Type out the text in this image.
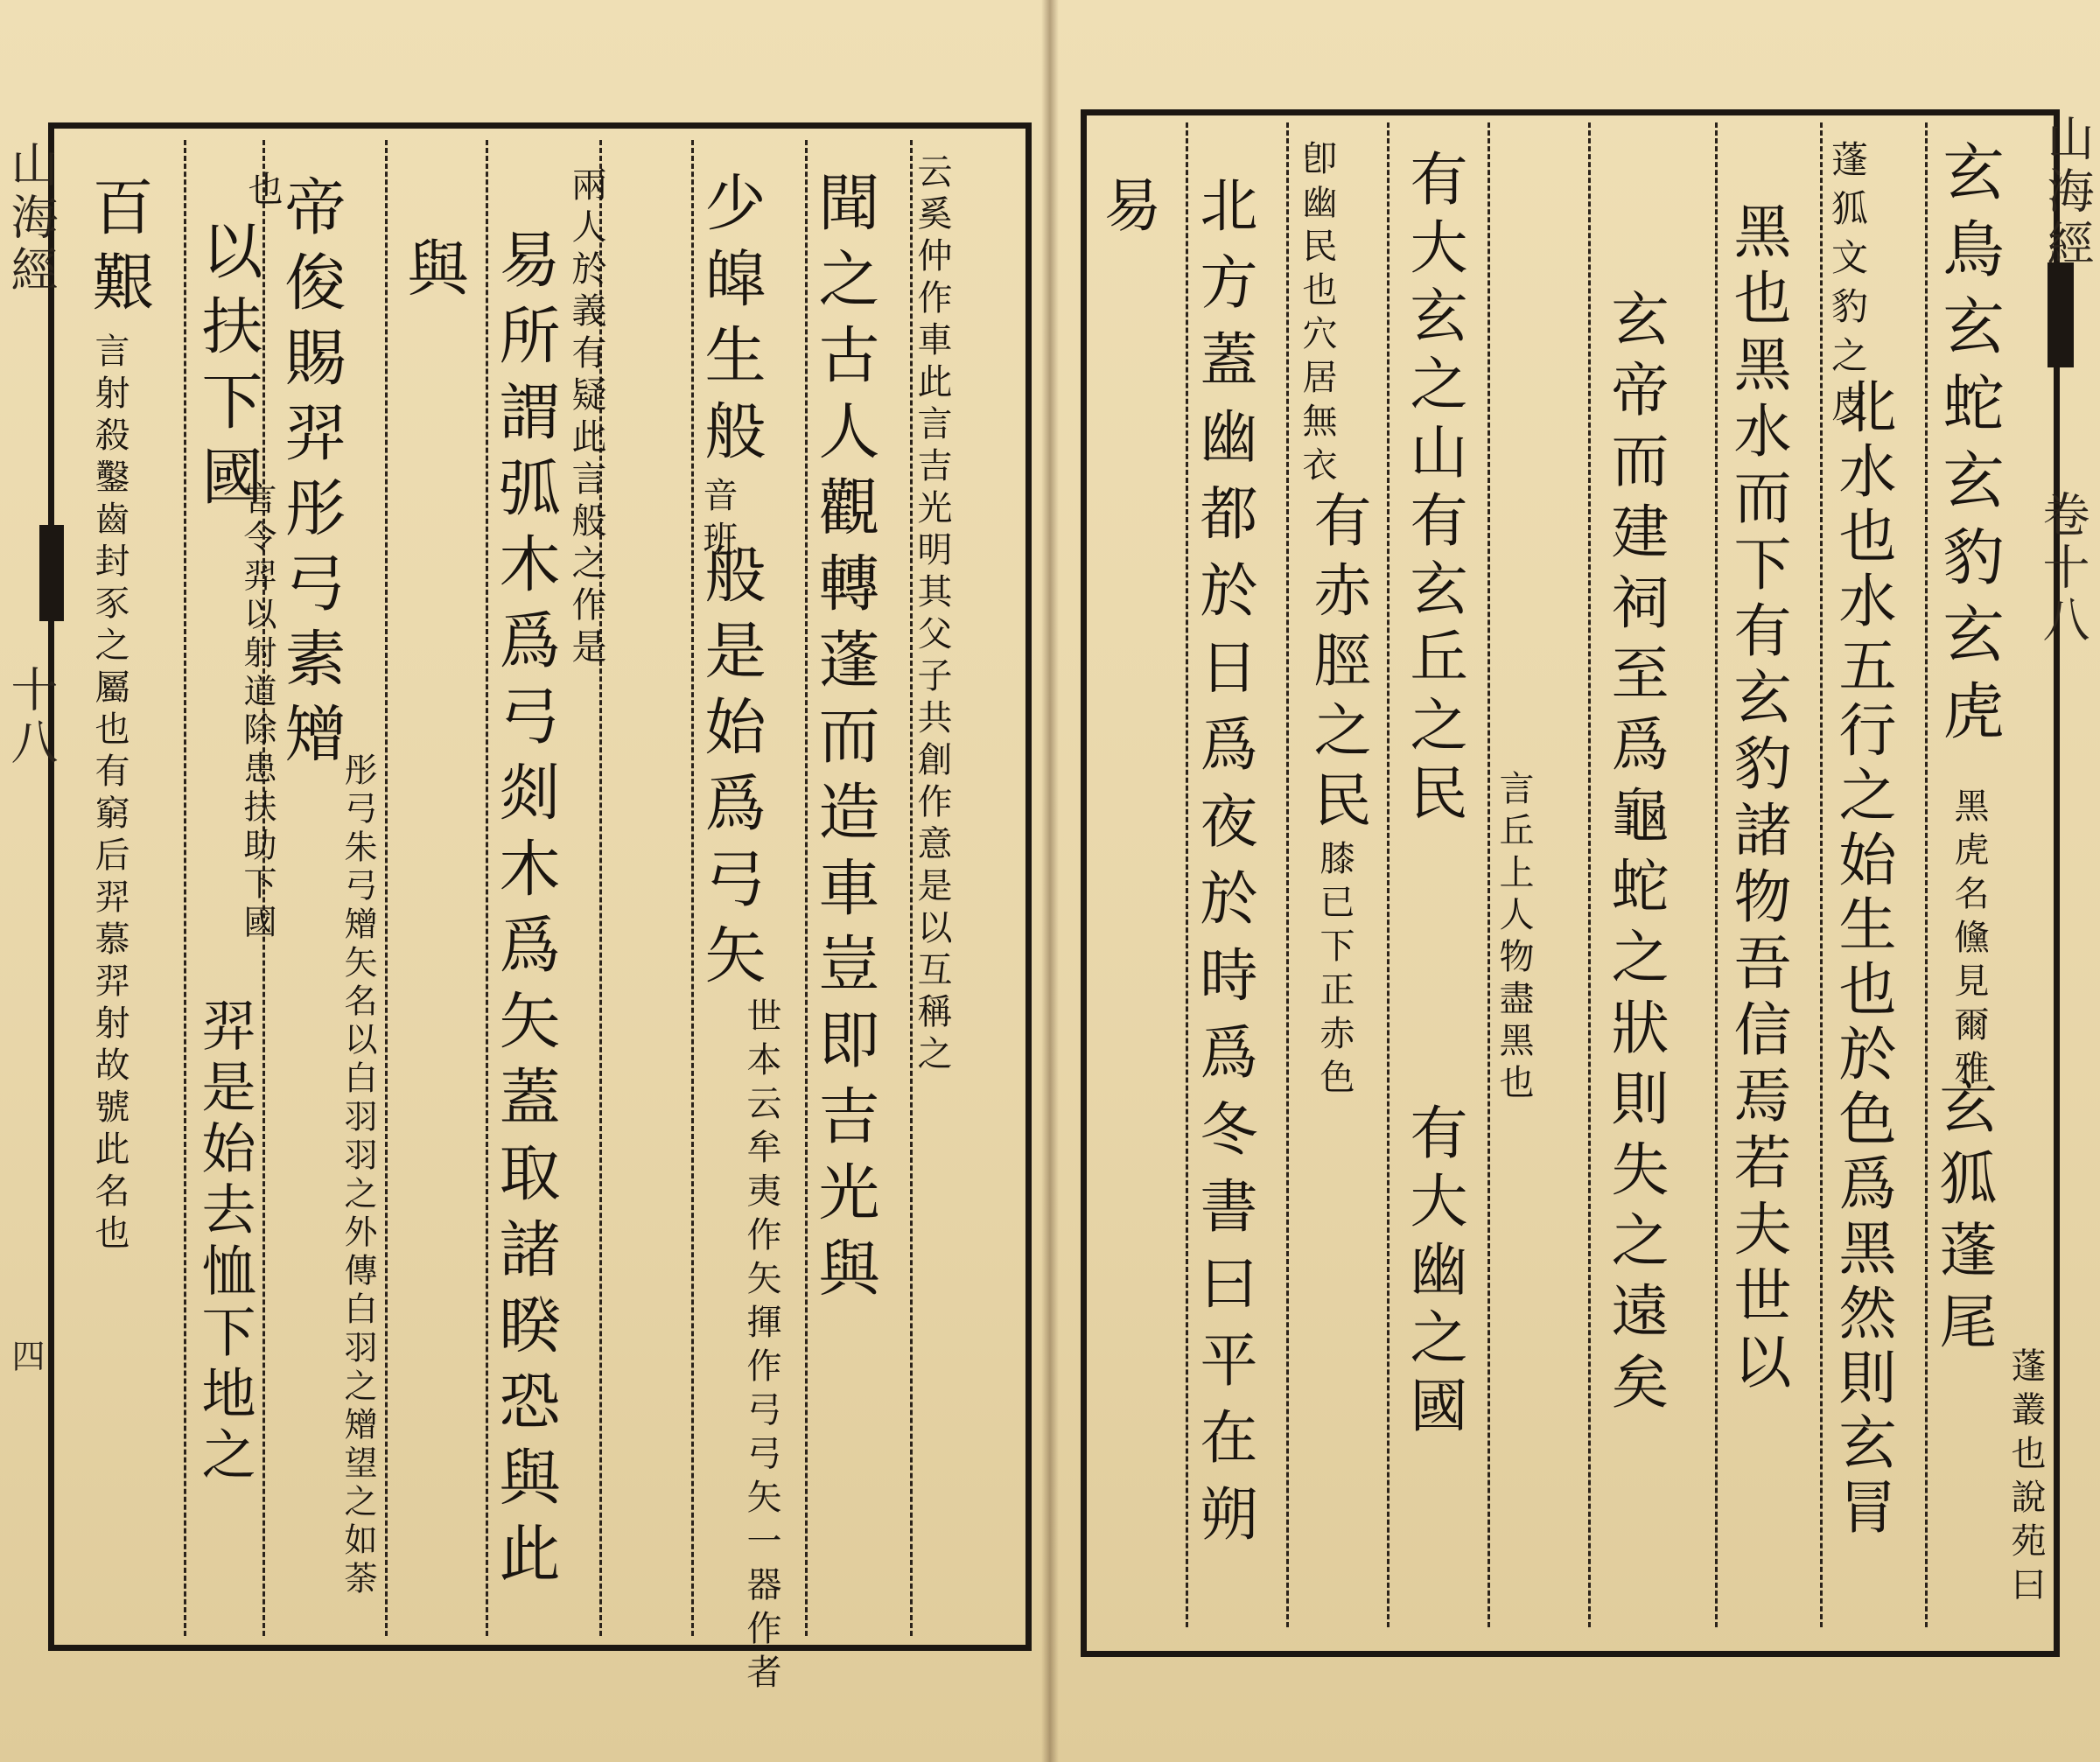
山海經
十八
四
云奚仲作車此言吉光明其父子共創作意是以互稱之
聞之古人觀轉蓬而造車豈即吉光與
少皡生般
音班
世本云牟夷作矢揮作弓弓矢一器作者
易所謂弧木爲弓剡木爲矢蓋取諸睽恐與此 兩人於義有疑此言般之作是
與
帝俊賜羿彤弓素矰
以扶下國
也
百艱
言射殺鑿齒封豕之屬也有窮后羿慕羿射故號此名也
山海經
卷十八
玄鳥玄蛇玄豹玄虎
黑虎名儵見爾雅
蓬狐文豹之皮
北水也水五行之始生也於色爲黑然則玄冐
黑也黑水而下有玄豹諸物吾信焉若夫世以
玄帝而建祠至爲龜蛇之狀則失之遠矣
有大玄之山有玄丘之民
卽幽民也穴居無衣
北方蓋幽都於日爲夜於時爲冬書曰平在朔
易
般是始爲弓矢
彤弓朱弓矰矢名以白羽羽之外傳白羽之矰望之如荼
言令羿以射道除患扶助下國
羿是始去恤下地之	玄狐蓬尾
蓬叢也說苑曰
言丘上人物盡黑也
有大幽之國
有赤脛之民
膝已下正赤色
